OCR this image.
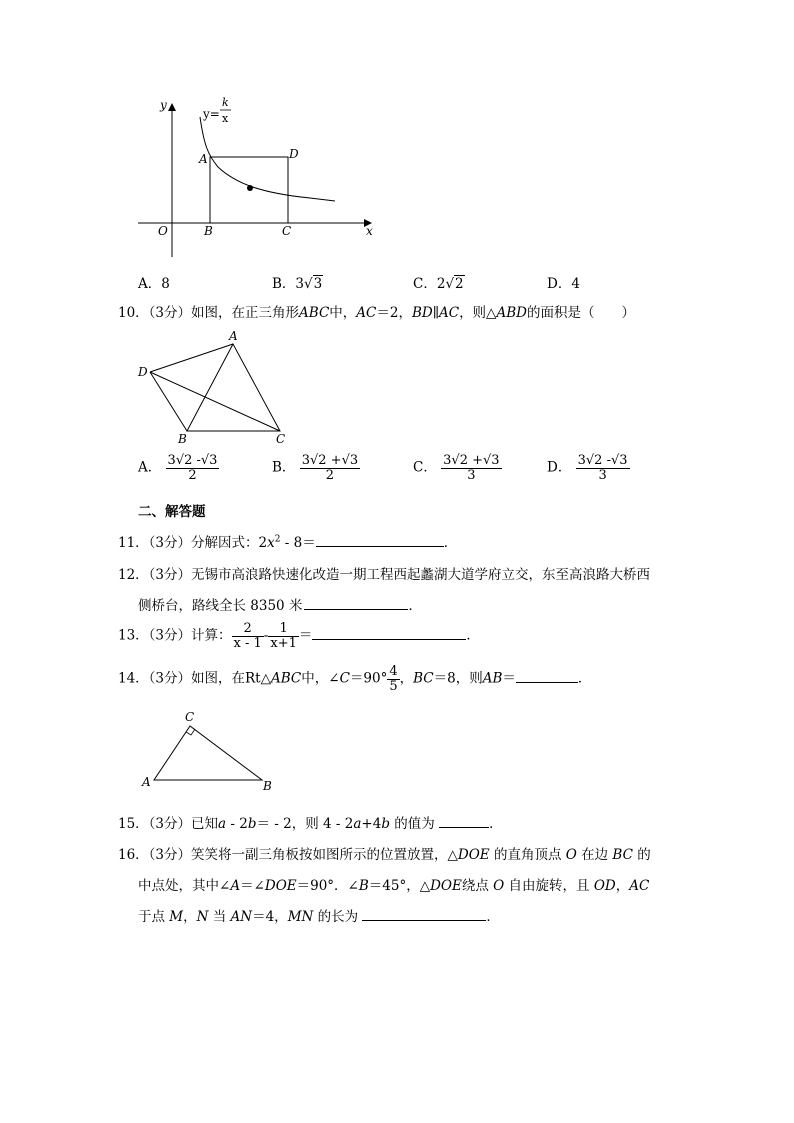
y
y=
k
x
A	D
O	B	C	x
A．8	B．3√3	C．2√2	D．4
10．（3分）如图，在正三角形ABC中，AC＝2，BD∥AC，则△ABD的面积是（　　）
A
D
B	C
A． $\frac{3√2 -√3}{2}$	B． $\frac{3√2 +√3}{2}$	C． $\frac{3√2 +√3}{3}$	D． $\frac{3√2 -√3}{3}$
二、解答题
11．（3分）分解因式：$2x^2 - 8=$	．
12．（3分）无锡市高浪路快速化改造一期工程西起蠡湖大道学府立交，东至高浪路大桥西
侧桥台，路线全长 8350 米	．
13．（3分）计算： $\frac{2}{x - 1} - \frac{1}{x+1}$ ＝	．
14．（3分）如图，在Rt△ABC中，∠C＝90° $\frac{4}{5}$ ，BC＝8，则AB＝	．
C
A	B
15．（3分）已知a - 2b＝ - 2，则 4 - 2a+4b 的值为	．
16．（3分）笑笑将一副三角板按如图所示的位置放置，△DOE 的直角顶点 O 在边 BC 的
中点处，其中∠A＝∠DOE＝90°．∠B＝45°，△DOE绕点 O 自由旋转，且 OD，AC
于点 M，N 当 AN＝4，MN 的长为	．
